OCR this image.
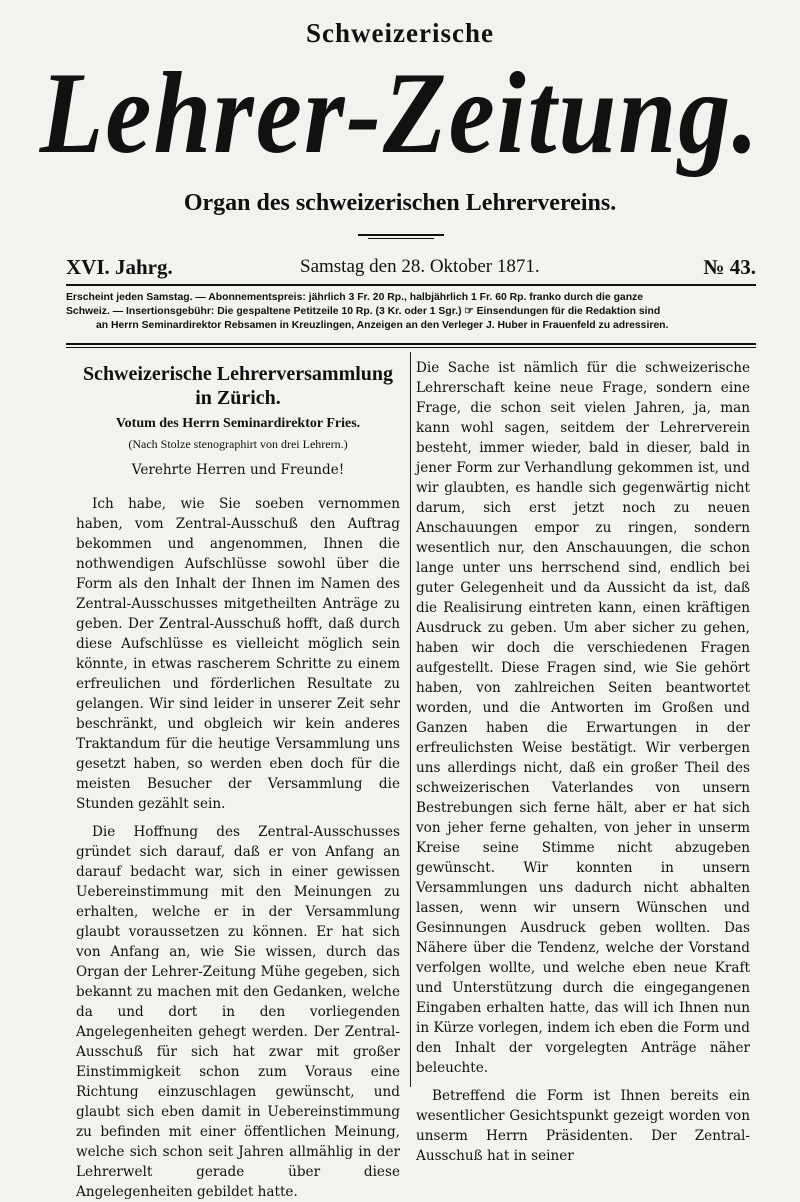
Schweizerische
Lehrer-Zeitung.
Organ des schweizerischen Lehrervereins.
XVI. Jahrg.	Samstag den 28. Oktober 1871.	№ 43.

Erscheint jeden Samstag. — Abonnementspreis: jährlich 3 Fr. 20 Rp., halbjährlich 1 Fr. 60 Rp. franko durch die ganze

Schweiz. — Insertionsgebühr: Die gespaltene Petitzeile 10 Rp. (3 Kr. oder 1 Sgr.) ☞ Einsendungen für die Redaktion sind

an Herrn Seminardirektor Rebsamen in Kreuzlingen, Anzeigen an den Verleger J. Huber in Frauenfeld zu adressiren.

Schweizerische Lehrerversammlung in Zürich.
Votum des Herrn Seminardirektor Fries.
(Nach Stolze stenographirt von drei Lehrern.)
Verehrte Herren und Freunde!

Ich habe, wie Sie soeben vernommen haben, vom Zentral-Ausschuß den Auftrag bekommen und angenommen, Ihnen die nothwendigen Aufschlüsse sowohl über die Form als den Inhalt der Ihnen im Namen des Zentral-Ausschusses mitgetheilten Anträge zu geben. Der Zentral-Ausschuß hofft, daß durch diese Aufschlüsse es vielleicht möglich sein könnte, in etwas rascherem Schritte zu einem erfreulichen und förderlichen Resultate zu gelangen. Wir sind leider in unserer Zeit sehr beschränkt, und obgleich wir kein anderes Traktandum für die heutige Versammlung uns gesetzt haben, so werden eben doch für die meisten Besucher der Versammlung die Stunden gezählt sein.

Die Hoffnung des Zentral-Ausschusses gründet sich darauf, daß er von Anfang an darauf bedacht war, sich in einer gewissen Uebereinstimmung mit den Meinungen zu erhalten, welche er in der Versammlung glaubt voraussetzen zu können. Er hat sich von Anfang an, wie Sie wissen, durch das Organ der Lehrer-Zeitung Mühe gegeben, sich bekannt zu machen mit den Gedanken, welche da und dort in den vorliegenden Angelegenheiten gehegt werden. Der Zentral-Ausschuß für sich hat zwar mit großer Einstimmigkeit schon zum Voraus eine Richtung einzuschlagen gewünscht, und glaubt sich eben damit in Uebereinstimmung zu befinden mit einer öffentlichen Meinung, welche sich schon seit Jahren allmählig in der Lehrerwelt gerade über diese Angelegenheiten gebildet hatte.

Die Sache ist nämlich für die schweizerische Lehrerschaft keine neue Frage, sondern eine Frage, die schon seit vielen Jahren, ja, man kann wohl sagen, seitdem der Lehrerverein besteht, immer wieder, bald in dieser, bald in jener Form zur Verhandlung gekommen ist, und wir glaubten, es handle sich gegenwärtig nicht darum, sich erst jetzt noch zu neuen Anschauungen empor zu ringen, sondern wesentlich nur, den Anschauungen, die schon lange unter uns herrschend sind, endlich bei guter Gelegenheit und da Aussicht da ist, daß die Realisirung eintreten kann, einen kräftigen Ausdruck zu geben. Um aber sicher zu gehen, haben wir doch die verschiedenen Fragen aufgestellt. Diese Fragen sind, wie Sie gehört haben, von zahlreichen Seiten beantwortet worden, und die Antworten im Großen und Ganzen haben die Erwartungen in der erfreulichsten Weise bestätigt. Wir verbergen uns allerdings nicht, daß ein großer Theil des schweizerischen Vaterlandes von unsern Bestrebungen sich ferne hält, aber er hat sich von jeher ferne gehalten, von jeher in unserm Kreise seine Stimme nicht abzugeben gewünscht. Wir konnten in unsern Versammlungen uns dadurch nicht abhalten lassen, wenn wir unsern Wünschen und Gesinnungen Ausdruck geben wollten. Das Nähere über die Tendenz, welche der Vorstand verfolgen wollte, und welche eben neue Kraft und Unterstützung durch die eingegangenen Eingaben erhalten hatte, das will ich Ihnen nun in Kürze vorlegen, indem ich eben die Form und den Inhalt der vorgelegten Anträge näher beleuchte.

Betreffend die Form ist Ihnen bereits ein wesentlicher Gesichtspunkt gezeigt worden von unserm Herrn Präsidenten. Der Zentral-Ausschuß hat in seiner
